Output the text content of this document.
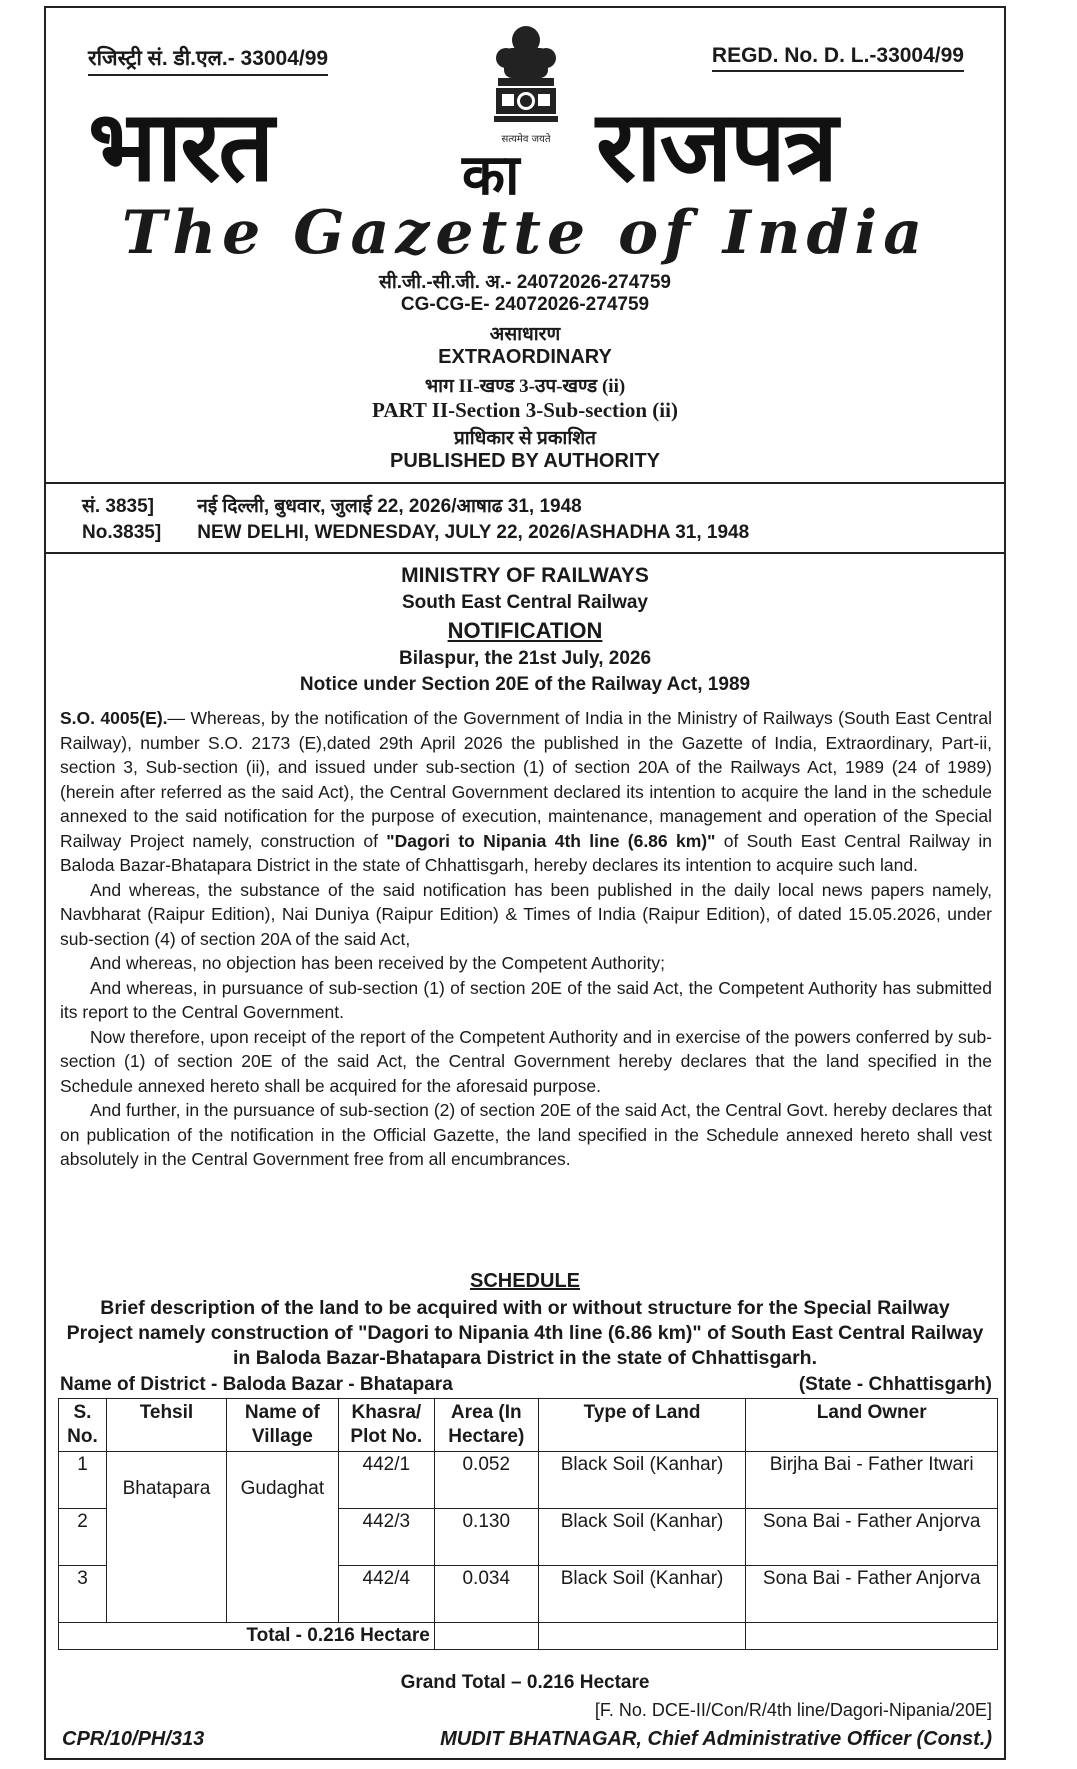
रजिस्ट्री सं. डी.एल.- 33004/99	REGD. No. D. L.-33004/99
सत्यमेव जयते
भारत	का राजपत्र
The Gazette of India
सी.जी.-सी.जी. अ.- 24072026-274759
CG-CG-E- 24072026-274759
असाधारण
EXTRAORDINARY
भाग II-खण्ड 3-उप-खण्ड (ii)
PART II-Section 3-Sub-section (ii)
प्राधिकार से प्रकाशित
PUBLISHED BY AUTHORITY
सं. 3835] नई दिल्ली, बुधवार, जुलाई 22, 2026/आषाढ 31, 1948
No.3835] NEW DELHI, WEDNESDAY, JULY 22, 2026/ASHADHA 31, 1948
MINISTRY OF RAILWAYS
South East Central Railway
NOTIFICATION
Bilaspur, the 21st July, 2026
Notice under Section 20E of the Railway Act, 1989

S.O. 4005(E).— Whereas, by the notification of the Government of India in the Ministry of Railways (South East Central Railway), number S.O. 2173 (E),dated 29th April 2026 the published in the Gazette of India, Extraordinary, Part-ii, section 3, Sub-section (ii), and issued under sub-section (1) of section 20A of the Railways Act, 1989 (24 of 1989) (herein after referred as the said Act), the Central Government declared its intention to acquire the land in the schedule annexed to the said notification for the purpose of execution, maintenance, management and operation of the Special Railway Project namely, construction of "Dagori to Nipania 4th line (6.86 km)" of South East Central Railway in Baloda Bazar-Bhatapara District in the state of Chhattisgarh, hereby declares its intention to acquire such land.

And whereas, the substance of the said notification has been published in the daily local news papers namely, Navbharat (Raipur Edition), Nai Duniya (Raipur Edition) & Times of India (Raipur Edition), of dated 15.05.2026, under sub-section (4) of section 20A of the said Act,

And whereas, no objection has been received by the Competent Authority;

And whereas, in pursuance of sub-section (1) of section 20E of the said Act, the Competent Authority has submitted its report to the Central Government.

Now therefore, upon receipt of the report of the Competent Authority and in exercise of the powers conferred by sub-section (1) of section 20E of the said Act, the Central Government hereby declares that the land specified in the Schedule annexed hereto shall be acquired for the aforesaid purpose.

And further, in the pursuance of sub-section (2) of section 20E of the said Act, the Central Govt. hereby declares that on publication of the notification in the Official Gazette, the land specified in the Schedule annexed hereto shall vest absolutely in the Central Government free from all encumbrances.

SCHEDULE
Brief description of the land to be acquired with or without structure for the Special Railway Project namely construction of "Dagori to Nipania 4th line (6.86 km)" of South East Central Railway in Baloda Bazar-Bhatapara District in the state of Chhattisgarh.
Name of District - Baloda Bazar - Bhatapara	(State - Chhattisgarh)
S. No.	Tehsil	Name of Village	Khasra/ Plot No.	Area (In Hectare)	Type of Land	Land Owner
1	Bhatapara	Gudaghat	442/1	0.052	Black Soil (Kanhar)	Birjha Bai - Father Itwari
2			442/3	0.130	Black Soil (Kanhar)	Sona Bai - Father Anjorva
3			442/4	0.034	Black Soil (Kanhar)	Sona Bai - Father Anjorva
Total - 0.216 Hectare						
Grand Total – 0.216 Hectare
[F. No. DCE-II/Con/R/4th line/Dagori-Nipania/20E]
CPR/10/PH/313	MUDIT BHATNAGAR, Chief Administrative Officer (Const.)
